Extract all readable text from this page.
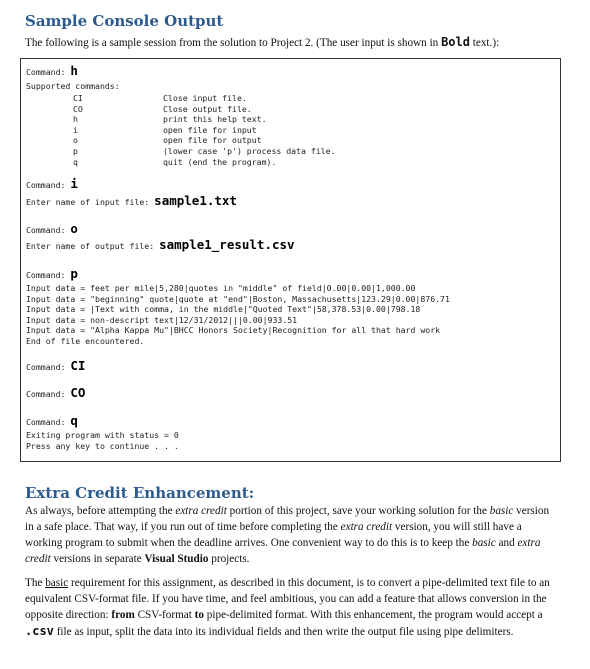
Sample Console Output

The following is a sample session from the solution to Project 2. (The user input is shown in Bold text.):

Command: h
Supported commands:
CI
CO
h
i
o
p
q
Close input file.
Close output file.
print this help text.
open file for input
open file for output
(lower case 'p') process data file.
quit (end the program).
Command: i
Enter name of input file: sample1.txt
Command: o
Enter name of output file: sample1_result.csv
Command: p
Input data = feet per mile|5,280|quotes in "middle" of field|0.00|0.00|1,000.00
Input data = "beginning" quote|quote at "end"|Boston, Massachusetts|123.29|0.00|876.71
Input data = |Text with comma, in the middle|"Quoted Text"|58,378.53|0.00|798.18
Input data = non-descript text|12/31/2012|||0.00|933.51
Input data = "Alpha Kappa Mu"|BHCC Honors Society|Recognition for all that hard work
End of file encountered.
Command: CI
Command: CO
Command: q
Exiting program with status = 0
Press any key to continue . . .
Extra Credit Enhancement:

As always, before attempting the extra credit portion of this project, save your working solution for the basic version in a safe place. That way, if you run out of time before completing the extra credit version, you will still have a working program to submit when the deadline arrives. One convenient way to do this is to keep the basic and extra credit versions in separate Visual Studio projects.

The basic requirement for this assignment, as described in this document, is to convert a pipe-delimited text file to an equivalent CSV-format file. If you have time, and feel ambitious, you can add a feature that allows conversion in the opposite direction: from CSV-format to pipe-delimited format. With this enhancement, the program would accept a .csv file as input, split the data into its individual fields and then write the output file using pipe delimiters.
